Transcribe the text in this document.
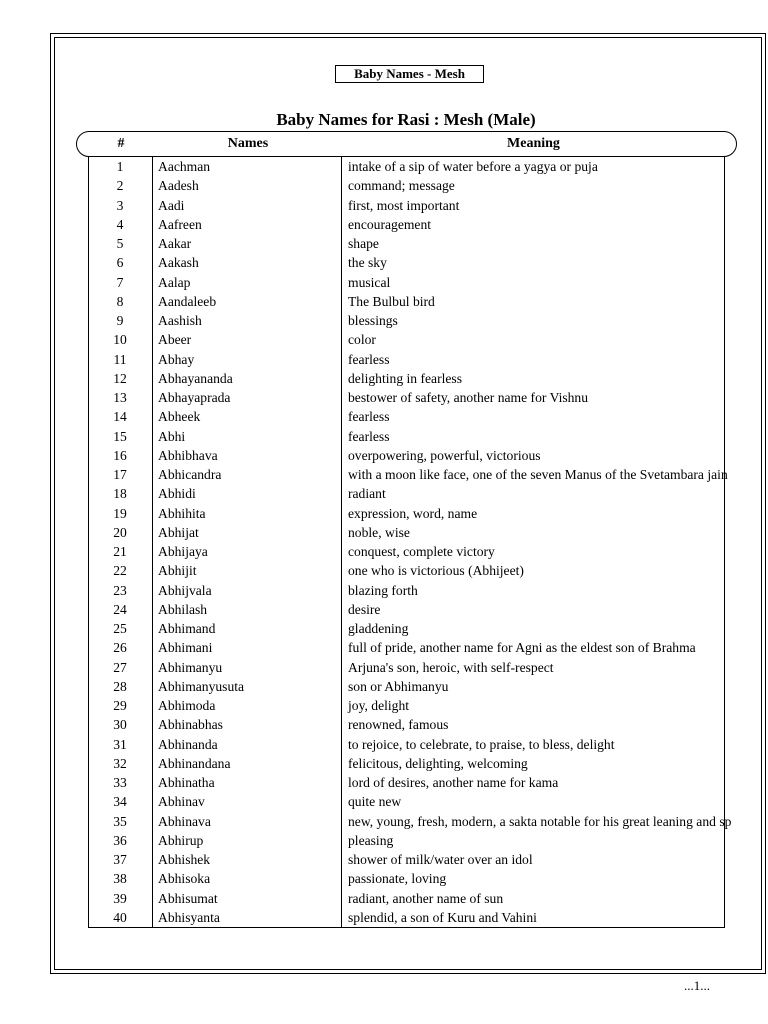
Baby Names - Mesh
Baby Names for Rasi : Mesh (Male)
#	Names	Meaning
1	Aachman	intake of a sip of water before a yagya or puja
2	Aadesh	command; message
3	Aadi	first, most important
4	Aafreen	encouragement
5	Aakar	shape
6	Aakash	the sky
7	Aalap	musical
8	Aandaleeb	The Bulbul bird
9	Aashish	blessings
10	Abeer	color
11	Abhay	fearless
12	Abhayananda	delighting in fearless
13	Abhayaprada	bestower of safety, another name for Vishnu
14	Abheek	fearless
15	Abhi	fearless
16	Abhibhava	overpowering, powerful, victorious
17	Abhicandra	with a moon like face, one of the seven Manus of the Svetambara jain
18	Abhidi	radiant
19	Abhihita	expression, word, name
20	Abhijat	noble, wise
21	Abhijaya	conquest, complete victory
22	Abhijit	one who is victorious (Abhijeet)
23	Abhijvala	blazing forth
24	Abhilash	desire
25	Abhimand	gladdening
26	Abhimani	full of pride, another name for Agni as the eldest son of Brahma
27	Abhimanyu	Arjuna's son, heroic, with self-respect
28	Abhimanyusuta	son or Abhimanyu
29	Abhimoda	joy, delight
30	Abhinabhas	renowned, famous
31	Abhinanda	to rejoice, to celebrate, to praise, to bless, delight
32	Abhinandana	felicitous, delighting, welcoming
33	Abhinatha	lord of desires, another name for kama
34	Abhinav	quite new
35	Abhinava	new, young, fresh, modern, a sakta notable for his great leaning and sp
36	Abhirup	pleasing
37	Abhishek	shower of milk/water over an idol
38	Abhisoka	passionate, loving
39	Abhisumat	radiant, another name of sun
40	Abhisyanta	splendid, a son of Kuru and Vahini
...1...
